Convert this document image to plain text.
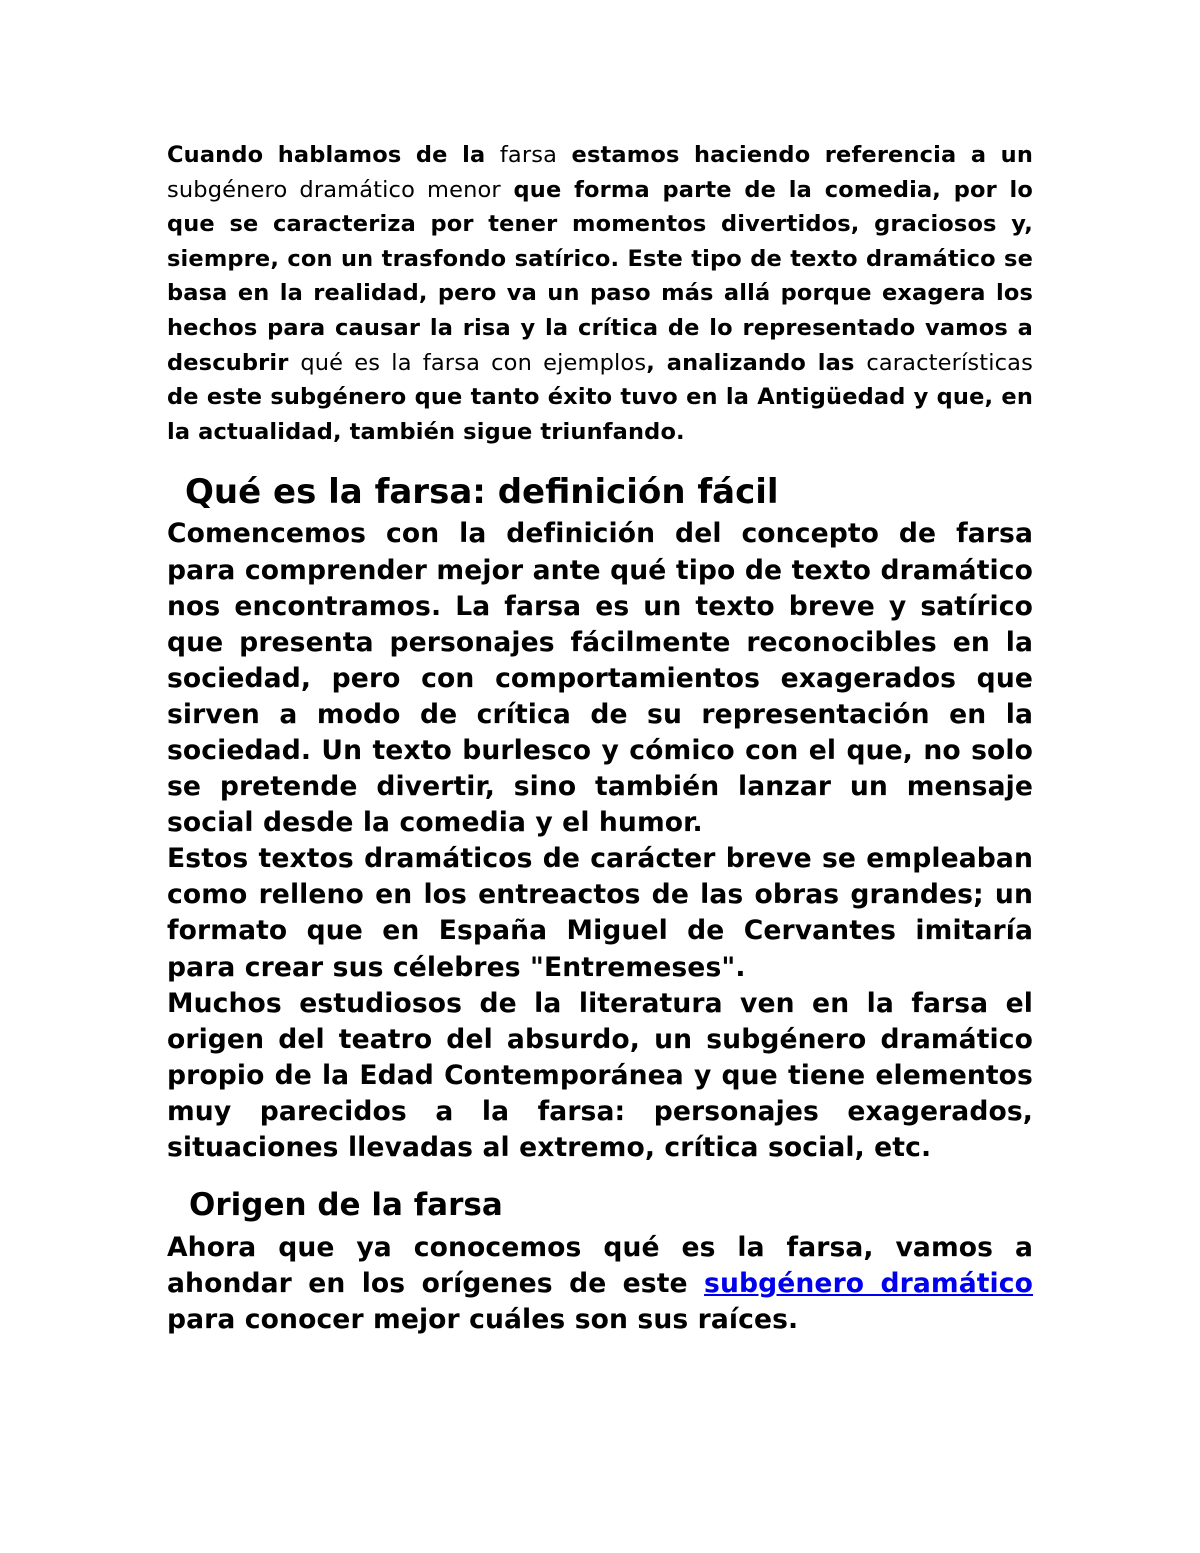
Cuando hablamos de la farsa estamos haciendo referencia a un subgénero dramático menor que forma parte de la comedia, por lo que se caracteriza por tener momentos divertidos, graciosos y, siempre, con un trasfondo satírico. Este tipo de texto dramático se basa en la realidad, pero va un paso más allá porque exagera los hechos para causar la risa y la crítica de lo representado vamos a descubrir qué es la farsa con ejemplos, analizando las características de este subgénero que tanto éxito tuvo en la Antigüedad y que, en la actualidad, también sigue triunfando.

Qué es la farsa: definición fácil

Comencemos con la definición del concepto de farsa para comprender mejor ante qué tipo de texto dramático nos encontramos. La farsa es un texto breve y satírico que presenta personajes fácilmente reconocibles en la sociedad, pero con comportamientos exagerados que sirven a modo de crítica de su representación en la sociedad. Un texto burlesco y cómico con el que, no solo se pretende divertir, sino también lanzar un mensaje social desde la comedia y el humor.

Estos textos dramáticos de carácter breve se empleaban como relleno en los entreactos de las obras grandes; un formato que en España Miguel de Cervantes imitaría para crear sus célebres "Entremeses".

Muchos estudiosos de la literatura ven en la farsa el origen del teatro del absurdo, un subgénero dramático propio de la Edad Contemporánea y que tiene elementos muy parecidos a la farsa: personajes exagerados, situaciones llevadas al extremo, crítica social, etc.

Origen de la farsa

Ahora que ya conocemos qué es la farsa, vamos a ahondar en los orígenes de este subgénero dramático para conocer mejor cuáles son sus raíces.
